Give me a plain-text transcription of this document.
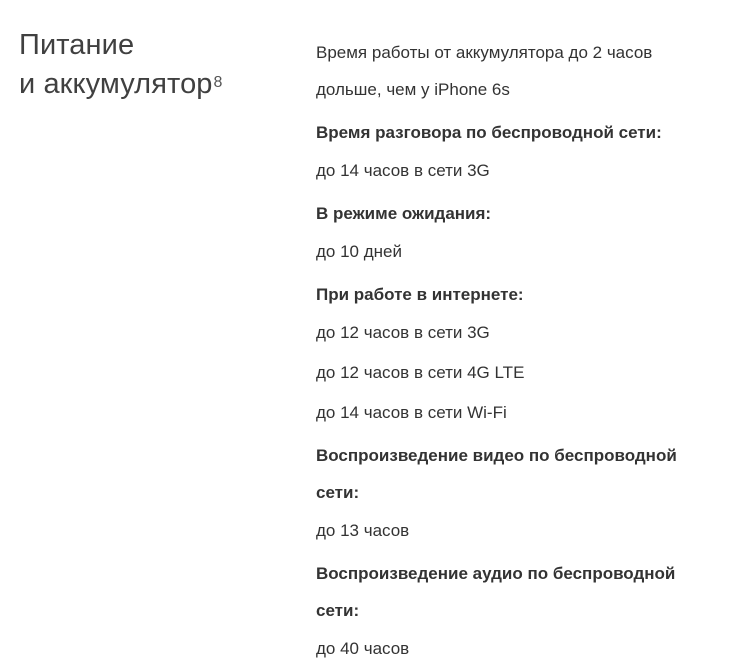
Питание
и аккумулятор$^8$

Время работы от аккумулятора до 2 часов
дольше, чем у iPhone 6s

Время разговора по беспроводной сети:

до 14 часов в сети 3G

В режиме ожидания:

до 10 дней

При работе в интернете:

до 12 часов в сети 3G

до 12 часов в сети 4G LTE

до 14 часов в сети Wi-Fi

Воспроизведение видео по беспроводной
сети:

до 13 часов

Воспроизведение аудио по беспроводной
сети:

до 40 часов
